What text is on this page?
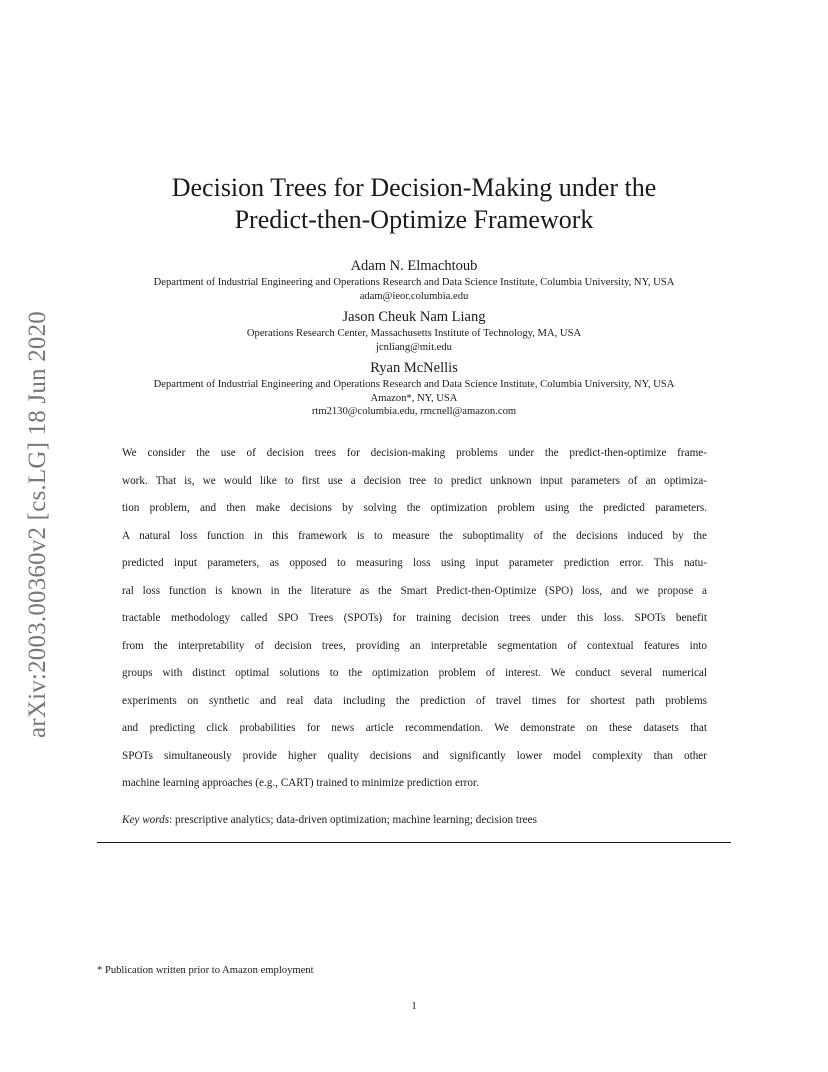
arXiv:2003.00360v2 [cs.LG] 18 Jun 2020
Decision Trees for Decision-Making under the
Predict-then-Optimize Framework
Adam N. Elmachtoub
Department of Industrial Engineering and Operations Research and Data Science Institute, Columbia University, NY, USA
adam@ieor.columbia.edu
Jason Cheuk Nam Liang
Operations Research Center, Massachusetts Institute of Technology, MA, USA
jcnliang@mit.edu
Ryan McNellis
Department of Industrial Engineering and Operations Research and Data Science Institute, Columbia University, NY, USA
Amazon*, NY, USA
rtm2130@columbia.edu, rmcnell@amazon.com
We consider the use of decision trees for decision-making problems under the predict-then-optimize frame-
work. That is, we would like to first use a decision tree to predict unknown input parameters of an optimiza-
tion problem, and then make decisions by solving the optimization problem using the predicted parameters.
A natural loss function in this framework is to measure the suboptimality of the decisions induced by the
predicted input parameters, as opposed to measuring loss using input parameter prediction error. This natu-
ral loss function is known in the literature as the Smart Predict-then-Optimize (SPO) loss, and we propose a
tractable methodology called SPO Trees (SPOTs) for training decision trees under this loss. SPOTs benefit
from the interpretability of decision trees, providing an interpretable segmentation of contextual features into
groups with distinct optimal solutions to the optimization problem of interest. We conduct several numerical
experiments on synthetic and real data including the prediction of travel times for shortest path problems
and predicting click probabilities for news article recommendation. We demonstrate on these datasets that
SPOTs simultaneously provide higher quality decisions and significantly lower model complexity than other
machine learning approaches (e.g., CART) trained to minimize prediction error.
Key words: prescriptive analytics; data-driven optimization; machine learning; decision trees
* Publication written prior to Amazon employment
1
